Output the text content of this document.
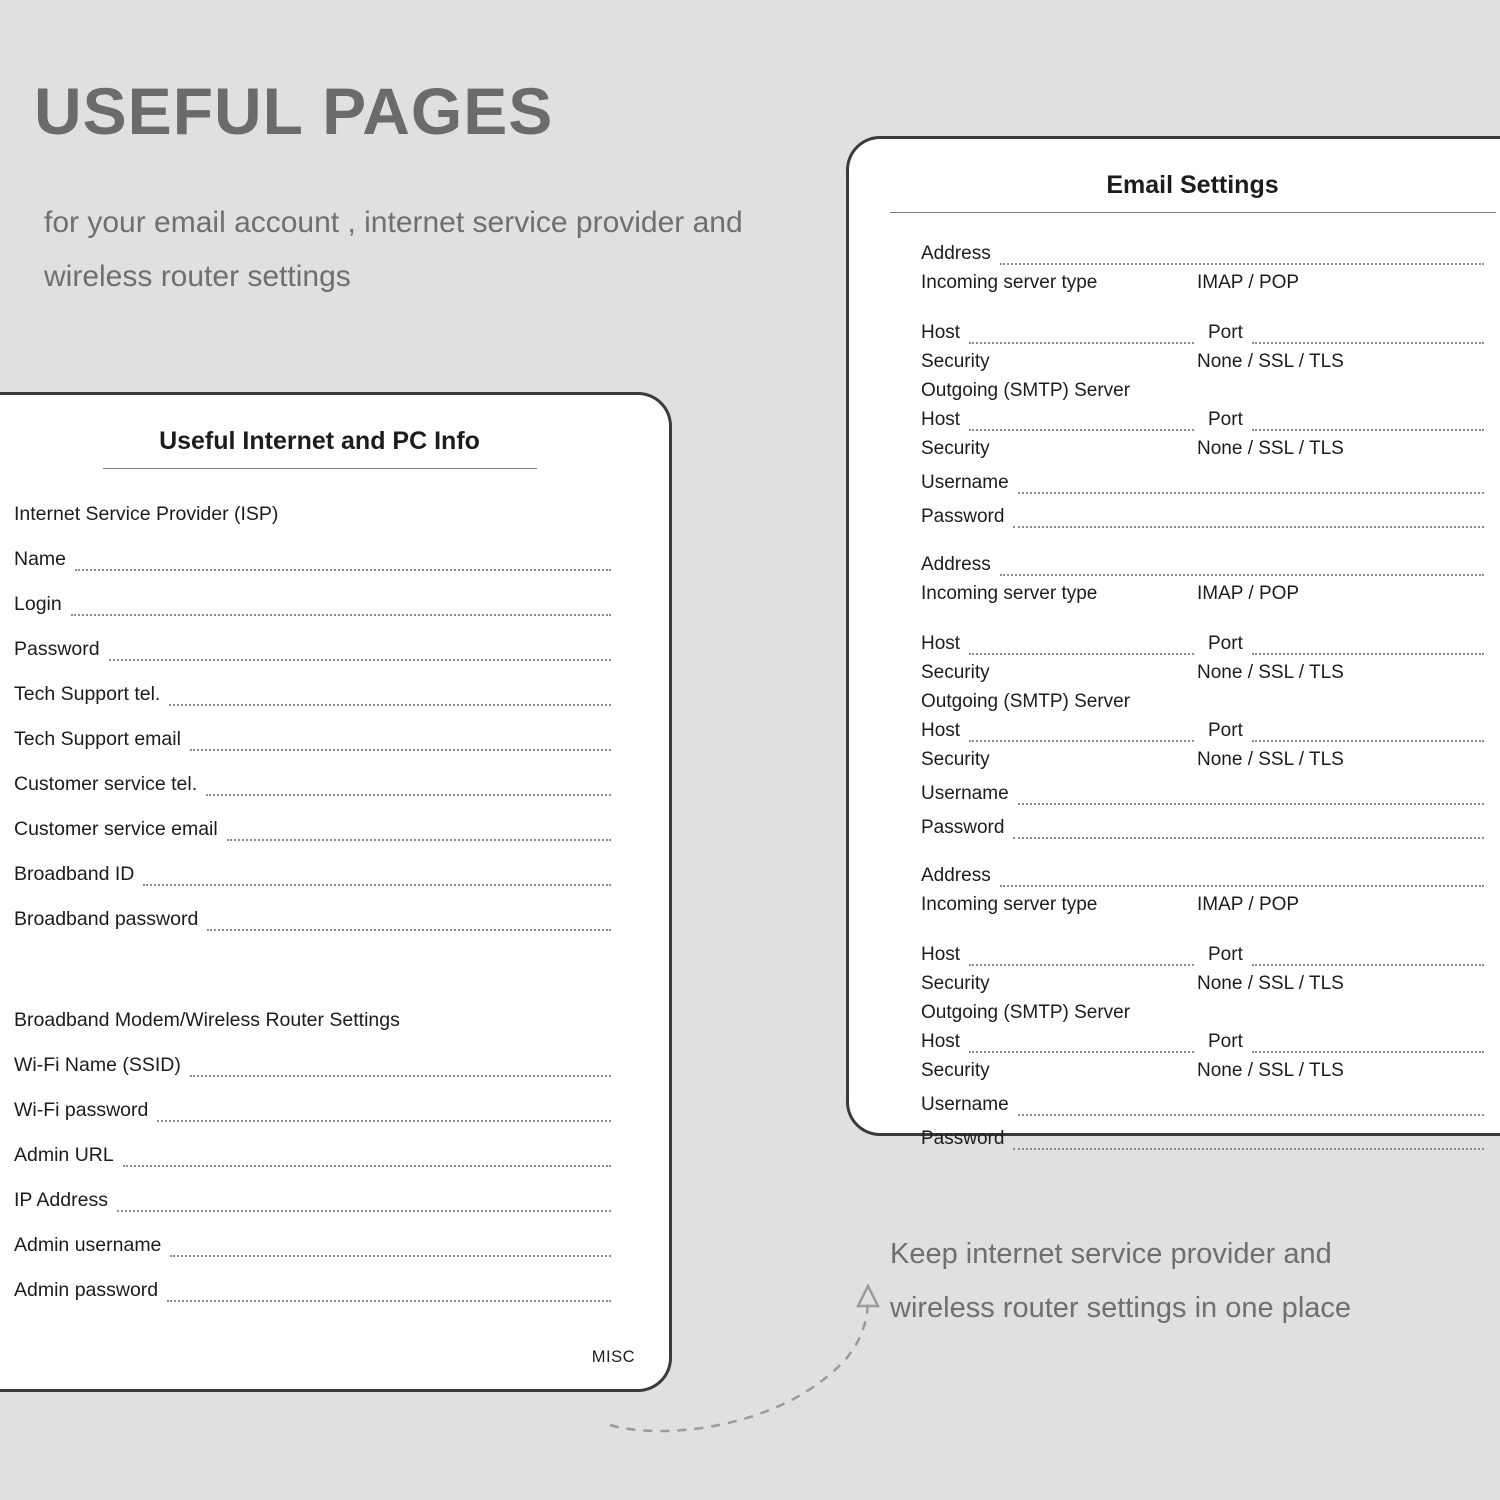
USEFUL PAGES
for your email account , internet service provider and wireless router settings
Useful Internet and PC Info
Internet Service Provider (ISP)
Name
Login
Password
Tech Support tel.
Tech Support email
Customer service tel.
Customer service email
Broadband ID
Broadband password
Broadband Modem/Wireless Router Settings
Wi-Fi Name (SSID)
Wi-Fi password
Admin URL
IP Address
Admin username
Admin password
MISC
Email Settings
Address
Incoming server type	IMAP / POP
Host	Port
Security	None / SSL / TLS
Outgoing (SMTP) Server
Host	Port
Security	None / SSL / TLS
Username
Password
Address
Incoming server type	IMAP / POP
Host	Port
Security	None / SSL / TLS
Outgoing (SMTP) Server
Host	Port
Security	None / SSL / TLS
Username
Password
Address
Incoming server type	IMAP / POP
Host	Port
Security	None / SSL / TLS
Outgoing (SMTP) Server
Host	Port
Security	None / SSL / TLS
Username
Password
Keep internet service provider and wireless router settings in one place
